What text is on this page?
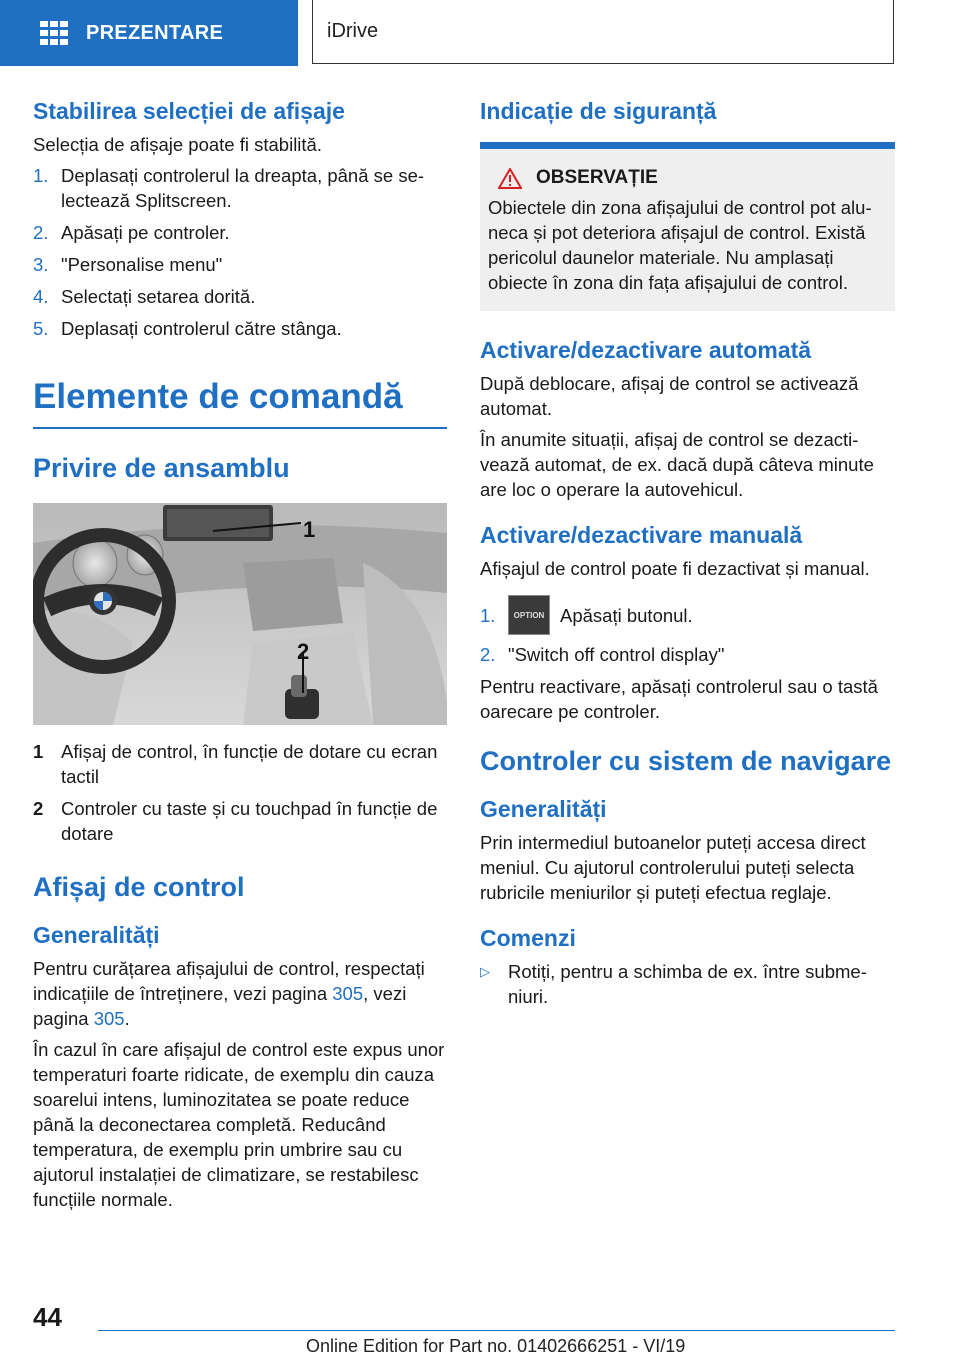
PREZENTARE	iDrive
Stabilirea selecției de afișaje

Selecția de afișaje poate fi stabilită.

1. Deplasați controlerul la dreapta, până se selectează Splitscreen.
2. Apăsați pe controler.
3. "Personalise menu"
4. Selectați setarea dorită.
5. Deplasați controlerul către stânga.
Elemente de comandă
Privire de ansamblu
1
2
1 Afișaj de control, în funcție de dotare cu ecran tactil
2 Controler cu taste și cu touchpad în funcție de dotare
Afișaj de control
Generalități

Pentru curățarea afișajului de control, respectați indicațiile de întreținere, vezi pagina 305, vezi pagina 305.

În cazul în care afișajul de control este expus unor temperaturi foarte ridicate, de exemplu din cauza soarelui intens, luminozitatea se poate reduce până la deconectarea completă. Reducând temperatura, de exemplu prin umbrire sau cu ajutorul instalației de climatizare, se restabilesc funcțiile normale.

Indicație de siguranță
OBSERVAȚIE

Obiectele din zona afișajului de control pot aluneca și pot deteriora afișajul de control. Există pericolul daunelor materiale. Nu amplasați obiecte în zona din fața afișajului de control.

Activare/dezactivare automată

După deblocare, afișaj de control se activează automat.

În anumite situații, afișaj de control se dezactivează automat, de ex. dacă după câteva minute are loc o operare la autovehicul.

Activare/dezactivare manuală

Afișajul de control poate fi dezactivat și manual.

1.	OPTION Apăsați butonul.
2. "Switch off control display"

Pentru reactivare, apăsați controlerul sau o tastă oarecare pe controler.

Controler cu sistem de navigare
Generalități

Prin intermediul butoanelor puteți accesa direct meniul. Cu ajutorul controlerului puteți selecta rubricile meniurilor și puteți efectua reglaje.

Comenzi
▷ Rotiți, pentru a schimba de ex. între submeniuri.
44
Online Edition for Part no. 01402666251 - VI/19
